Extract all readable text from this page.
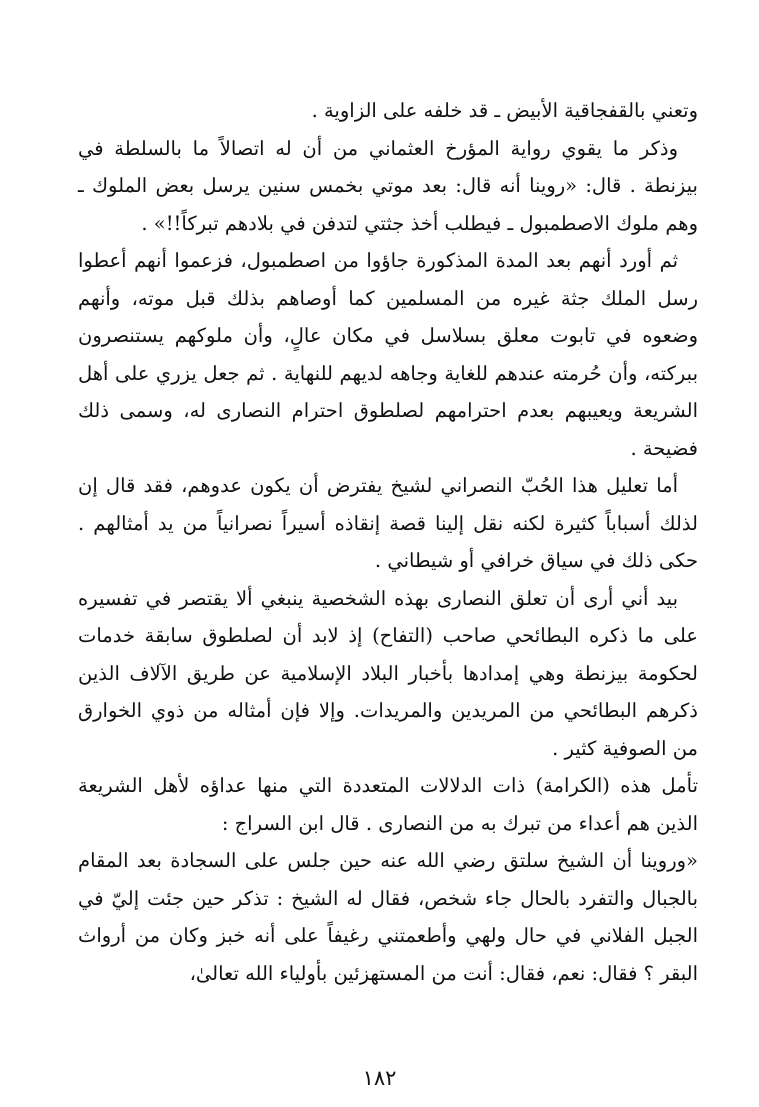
وتعني بالقفجاقية الأبيض ـ قد خلفه على الزاوية .

وذكر ما يقوي رواية المؤرخ العثماني من أن له اتصالاً ما بالسلطة في بيزنطة . قال: «روينا أنه قال: بعد موتي بخمس سنين يرسل بعض الملوك ـ وهم ملوك الاصطمبول ـ فيطلب أخذ جثتي لتدفن في بلادهم تبركاً!!» .

ثم أورد أنهم بعد المدة المذكورة جاؤوا من اصطمبول، فزعموا أنهم أعطوا رسل الملك جثة غيره من المسلمين كما أوصاهم بذلك قبل موته، وأنهم وضعوه في تابوت معلق بسلاسل في مكان عالٍ، وأن ملوكهم يستنصرون ببركته، وأن حُرمته عندهم للغاية وجاهه لديهم للنهاية . ثم جعل يزري على أهل الشريعة ويعيبهم بعدم احترامهم لصلطوق احترام النصارى له، وسمى ذلك فضيحة .

أما تعليل هذا الحُبّ النصراني لشيخ يفترض أن يكون عدوهم، فقد قال إن لذلك أسباباً كثيرة لكنه نقل إلينا قصة إنقاذه أسيراً نصرانياً من يد أمثالهم . حكى ذلك في سياق خرافي أو شيطاني .

بيد أني أرى أن تعلق النصارى بهذه الشخصية ينبغي ألا يقتصر في تفسيره على ما ذكره البطائحي صاحب (التفاح) إذ لابد أن لصلطوق سابقة خدمات لحكومة بيزنطة وهي إمدادها بأخبار البلاد الإسلامية عن طريق الآلاف الذين ذكرهم البطائحي من المريدين والمريدات. وإلا فإن أمثاله من ذوي الخوارق من الصوفية كثير .

تأمل هذه (الكرامة) ذات الدلالات المتعددة التي منها عداؤه لأهل الشريعة الذين هم أعداء من تبرك به من النصارى . قال ابن السراج :

«وروينا أن الشيخ سلتق رضي الله عنه حين جلس على السجادة بعد المقام بالجبال والتفرد بالحال جاء شخص، فقال له الشيخ : تذكر حين جئت إليّ في الجبل الفلاني في حال ولهي وأطعمتني رغيفاً على أنه خبز وكان من أرواث البقر ؟ فقال: نعم، فقال: أنت من المستهزئين بأولياء الله تعالىٰ،

١٨٢
